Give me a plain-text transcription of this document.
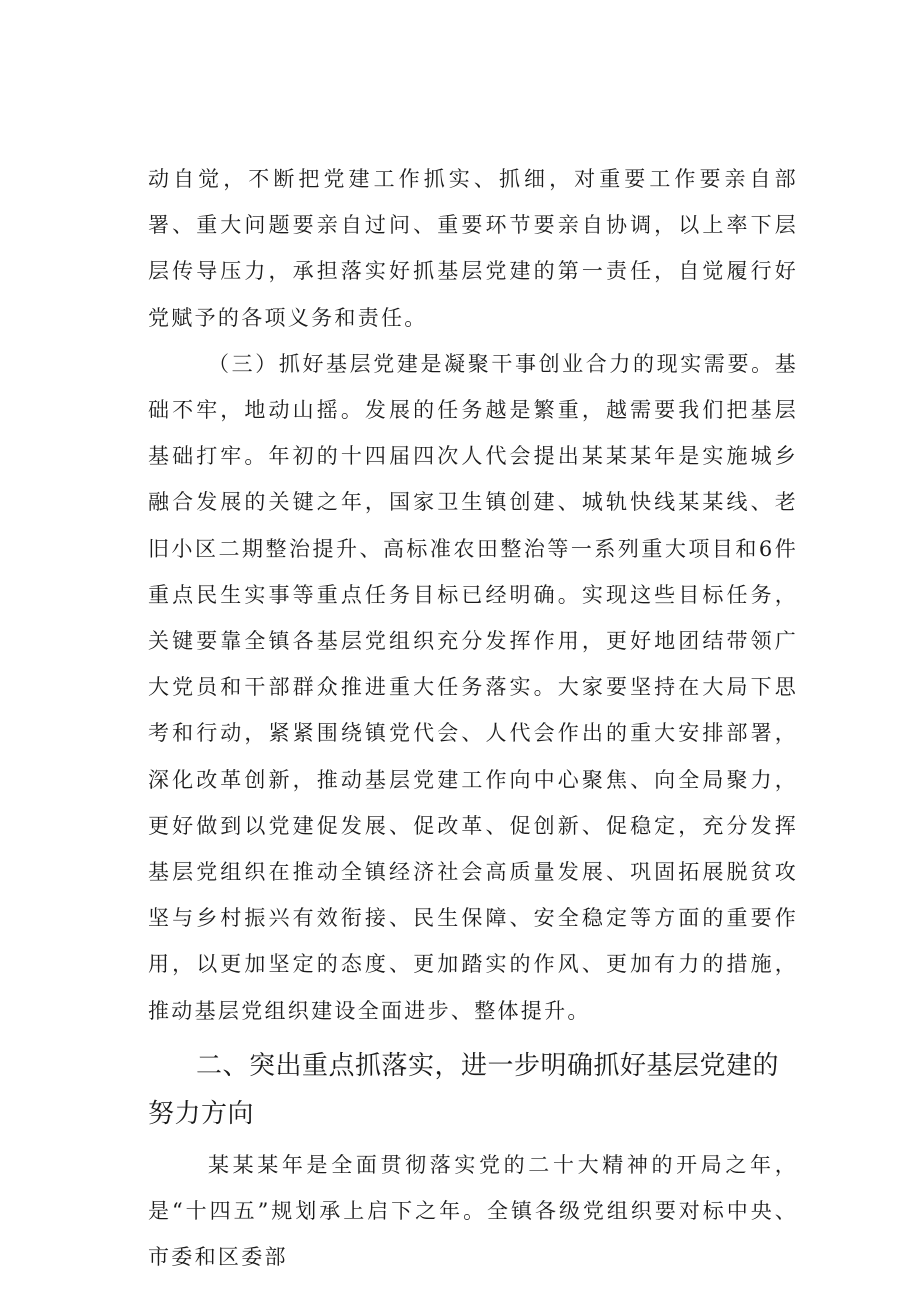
动自觉，不断把党建工作抓实、抓细，对重要工作要亲自部署、重大问题要亲自过问、重要环节要亲自协调，以上率下层层传导压力，承担落实好抓基层党建的第一责任，自觉履行好党赋予的各项义务和责任。

（三）抓好基层党建是凝聚干事创业合力的现实需要。基础不牢，地动山摇。发展的任务越是繁重，越需要我们把基层基础打牢。年初的十四届四次人代会提出某某某年是实施城乡融合发展的关键之年，国家卫生镇创建、城轨快线某某线、老旧小区二期整治提升、高标准农田整治等一系列重大项目和6件重点民生实事等重点任务目标已经明确。实现这些目标任务，关键要靠全镇各基层党组织充分发挥作用，更好地团结带领广大党员和干部群众推进重大任务落实。大家要坚持在大局下思考和行动，紧紧围绕镇党代会、人代会作出的重大安排部署，深化改革创新，推动基层党建工作向中心聚焦、向全局聚力，更好做到以党建促发展、促改革、促创新、促稳定，充分发挥基层党组织在推动全镇经济社会高质量发展、巩固拓展脱贫攻坚与乡村振兴有效衔接、民生保障、安全稳定等方面的重要作用，以更加坚定的态度、更加踏实的作风、更加有力的措施，推动基层党组织建设全面进步、整体提升。

二、突出重点抓落实，进一步明确抓好基层党建的努力方向

某某某年是全面贯彻落实党的二十大精神的开局之年，是“十四五”规划承上启下之年。全镇各级党组织要对标中央、市委和区委部
